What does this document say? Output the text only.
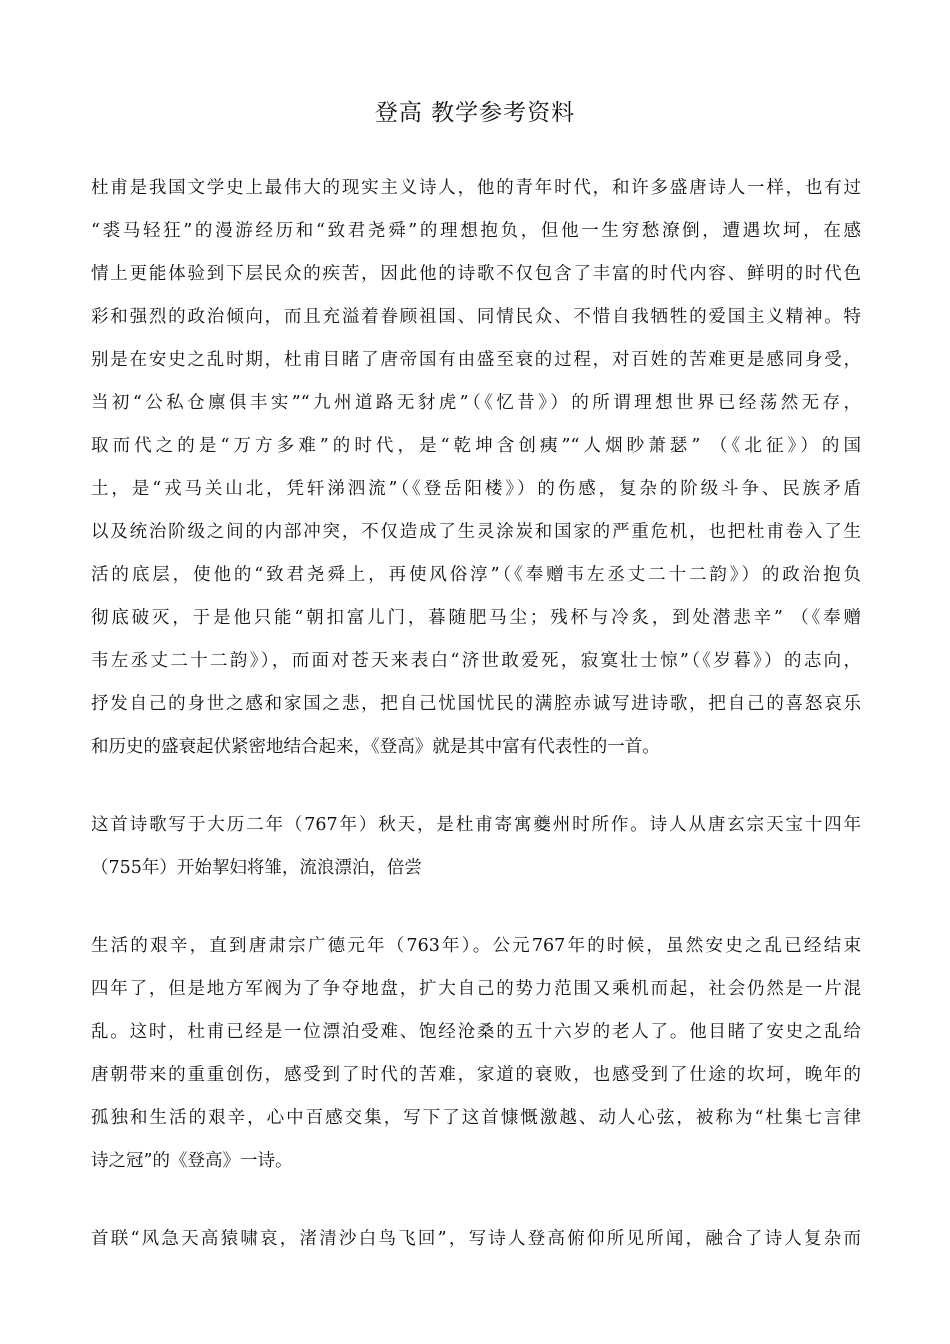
登高 教学参考资料
杜甫是我国文学史上最伟大的现实主义诗人，他的青年时代，和许多盛唐诗人一样，也有过
“裘马轻狂”的漫游经历和“致君尧舜”的理想抱负，但他一生穷愁潦倒，遭遇坎坷，在感
情上更能体验到下层民众的疾苦，因此他的诗歌不仅包含了丰富的时代内容、鲜明的时代色
彩和强烈的政治倾向，而且充溢着眷顾祖国、同情民众、不惜自我牺牲的爱国主义精神。特
别是在安史之乱时期，杜甫目睹了唐帝国有由盛至衰的过程，对百姓的苦难更是感同身受，
当初“公私仓廪俱丰实”“九州道路无豺虎”（《忆昔》）的所谓理想世界已经荡然无存，
取而代之的是“万方多难”的时代，是“乾坤含创痍”“人烟眇萧瑟” （《北征》）的国
土，是“戎马关山北，凭轩涕泗流”（《登岳阳楼》）的伤感，复杂的阶级斗争、民族矛盾
以及统治阶级之间的内部冲突，不仅造成了生灵涂炭和国家的严重危机，也把杜甫卷入了生
活的底层，使他的“致君尧舜上，再使风俗淳”（《奉赠韦左丞丈二十二韵》）的政治抱负
彻底破灭，于是他只能“朝扣富儿门，暮随肥马尘；残杯与冷炙，到处潜悲辛” （《奉赠
韦左丞丈二十二韵》），而面对苍天来表白“济世敢爱死，寂寞壮士惊”（《岁暮》）的志向，
抒发自己的身世之感和家国之悲，把自己忧国忧民的满腔赤诚写进诗歌，把自己的喜怒哀乐
和历史的盛衰起伏紧密地结合起来，《登高》就是其中富有代表性的一首。
这首诗歌写于大历二年（767年）秋天，是杜甫寄寓夔州时所作。诗人从唐玄宗天宝十四年
（755年）开始挈妇将雏，流浪漂泊，倍尝
生活的艰辛，直到唐肃宗广德元年（763年）。公元767年的时候，虽然安史之乱已经结束
四年了，但是地方军阀为了争夺地盘，扩大自己的势力范围又乘机而起，社会仍然是一片混
乱。这时，杜甫已经是一位漂泊受难、饱经沧桑的五十六岁的老人了。他目睹了安史之乱给
唐朝带来的重重创伤，感受到了时代的苦难，家道的衰败，也感受到了仕途的坎坷，晚年的
孤独和生活的艰辛，心中百感交集，写下了这首慷慨激越、动人心弦，被称为“杜集七言律
诗之冠”的《登高》一诗。
首联“风急天高猿啸哀，渚清沙白鸟飞回”，写诗人登高俯仰所见所闻，融合了诗人复杂而
